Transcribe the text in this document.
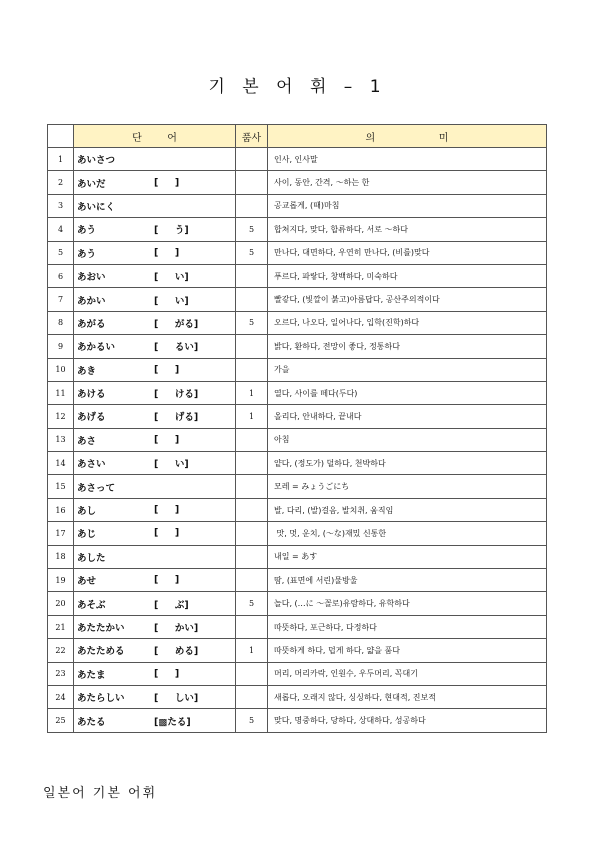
기 본 어 휘 – 1
	단        어	품사	의                    미
1	あいさつ		인사, 인사말
2	あいだ [     ]		사이, 동안, 간격, ～하는 한
3	あいにく		공교롭게, (때)마침
4	あう [     う]	5	합쳐지다, 맞다, 합류하다, 서로 ～하다
5	あう [     ]	5	만나다, 대면하다, 우연히 만나다, (비를)맞다
6	あおい [     い]		푸르다, 파랗다, 창백하다, 미숙하다
7	あかい [     い]		빨갛다, (빛깔이 붉고)아름답다, 공산주의적이다
8	あがる [     がる]	5	오르다, 나오다, 일어나다, 입학(진학)하다
9	あかるい [     るい]		밝다, 환하다, 전망이 좋다, 정통하다
10	あき [     ]		가을
11	あける [     ける]	1	열다, 사이를 떼다(두다)
12	あげる [     げる]	1	올리다, 안내하다, 끝내다
13	あさ [     ]		아침
14	あさい [     い]		얕다, (정도가) 덜하다, 천박하다
15	あさって		모레 = みょうごにち
16	あし [     ]		발, 다리, (발)걸음, 발치취, 움직임
17	あじ [     ]		맛, 멋, 운치, (～な)재밌 신통한
18	あした		내일 = あす
19	あせ [     ]		땀, (표면에 서린)물방울
20	あそぶ [     ぶ]	5	놀다, (…に ～꼴로)유람하다, 유학하다
21	あたたかい [     かい]		따뜻하다, 포근하다, 다정하다
22	あたためる [     める]	1	따뜻하게 하다, 덥게 하다, 얇을 품다
23	あたま [     ]		머리, 머리카락, 인원수, 우두머리, 꼭대기
24	あたらしい [     しい]		새롭다, 오래지 않다, 싱싱하다, 현대적, 진보적
25	あたる [▩たる]	5	맞다, 명중하다, 당하다, 상대하다, 성공하다
일본어 기본 어휘
